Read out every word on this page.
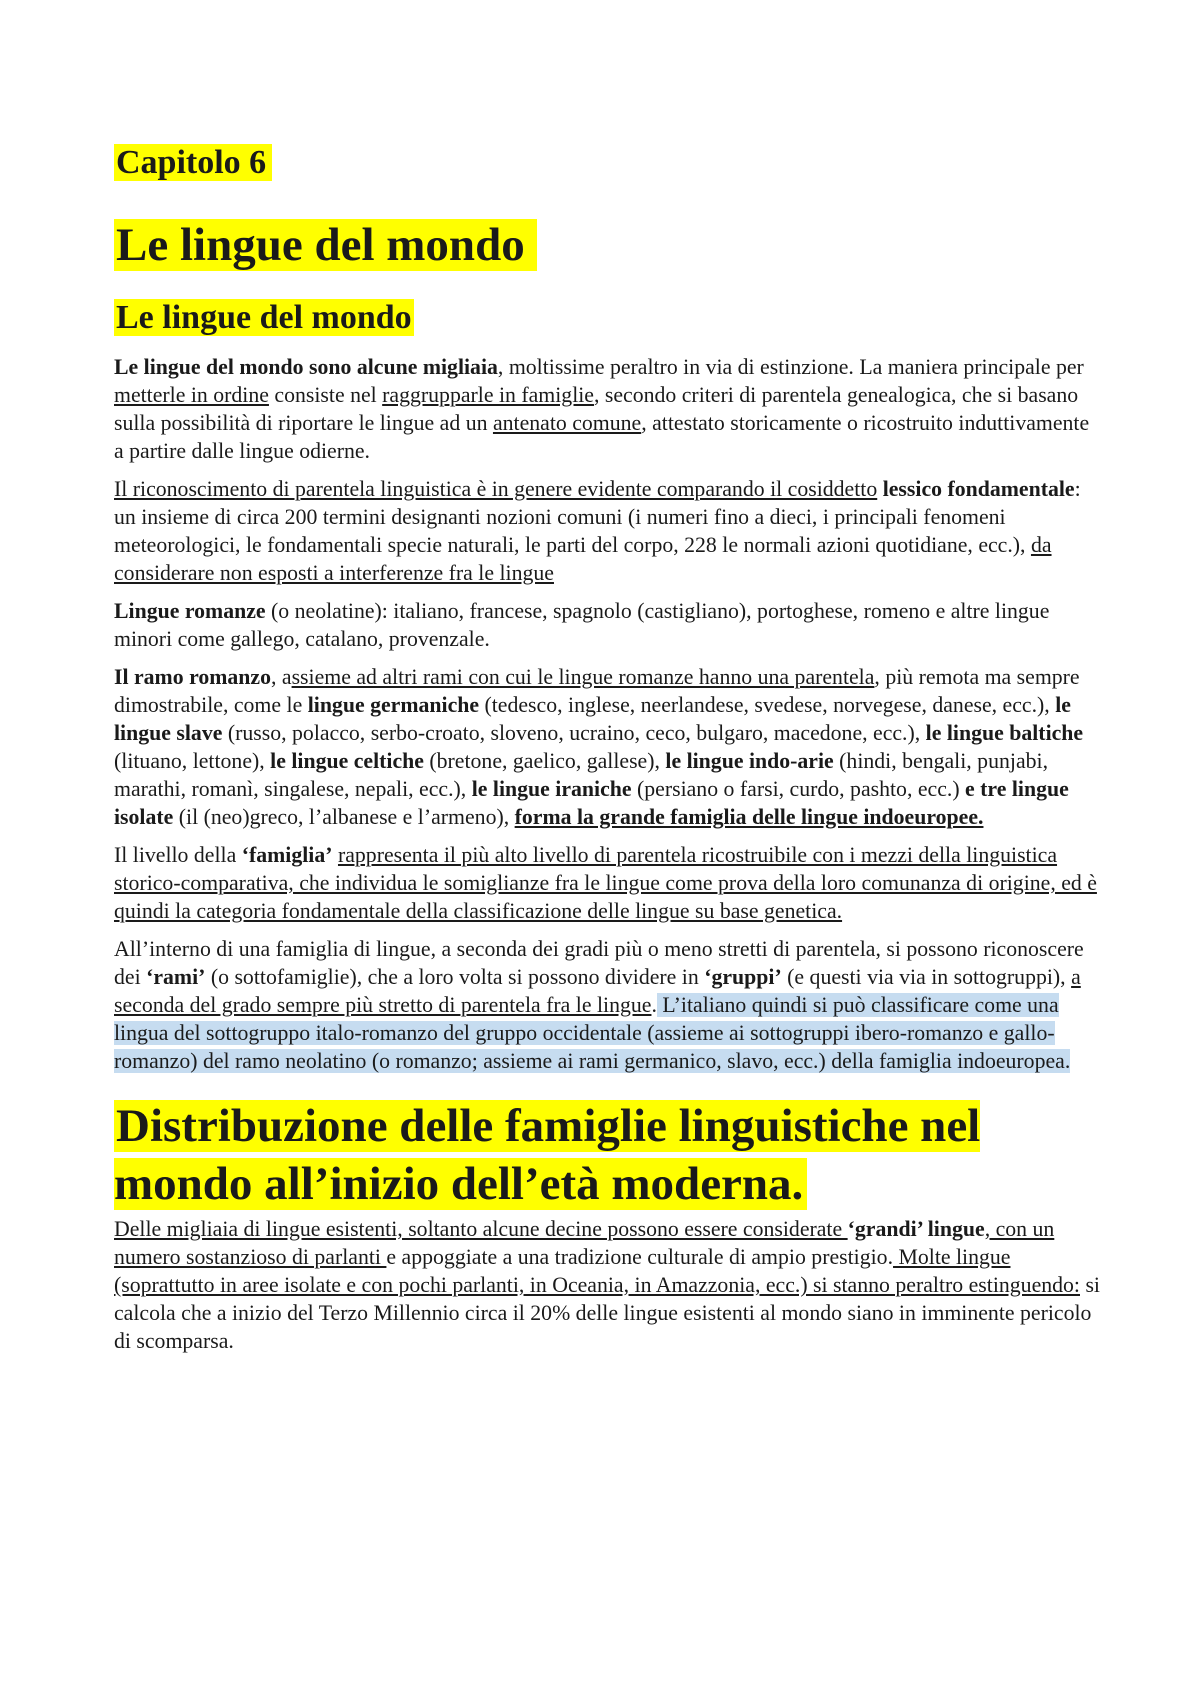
Capitolo 6
Le lingue del mondo
Le lingue del mondo

Le lingue del mondo sono alcune migliaia, moltissime peraltro in via di estinzione. La maniera principale per metterle in ordine consiste nel raggrupparle in famiglie, secondo criteri di parentela genealogica, che si basano sulla possibilità di riportare le lingue ad un antenato comune, attestato storicamente o ricostruito induttivamente a partire dalle lingue odierne.

Il riconoscimento di parentela linguistica è in genere evidente comparando il cosiddetto lessico fondamentale: un insieme di circa 200 termini designanti nozioni comuni (i numeri fino a dieci, i principali fenomeni meteorologici, le fondamentali specie naturali, le parti del corpo, 228 le normali azioni quotidiane, ecc.), da considerare non esposti a interferenze fra le lingue

Lingue romanze (o neolatine): italiano, francese, spagnolo (castigliano), portoghese, romeno e altre lingue minori come gallego, catalano, provenzale.

Il ramo romanzo, assieme ad altri rami con cui le lingue romanze hanno una parentela, più remota ma sempre dimostrabile, come le lingue germaniche (tedesco, inglese, neerlandese, svedese, norvegese, danese, ecc.), le lingue slave (russo, polacco, serbo-croato, sloveno, ucraino, ceco, bulgaro, macedone, ecc.), le lingue baltiche (lituano, lettone), le lingue celtiche (bretone, gaelico, gallese), le lingue indo-arie (hindi, bengali, punjabi, marathi, romanì, singalese, nepali, ecc.), le lingue iraniche (persiano o farsi, curdo, pashto, ecc.) e tre lingue isolate (il (neo)greco, l’albanese e l’armeno), forma la grande famiglia delle lingue indoeuropee.

Il livello della ‘famiglia’ rappresenta il più alto livello di parentela ricostruibile con i mezzi della linguistica storico-comparativa, che individua le somiglianze fra le lingue come prova della loro comunanza di origine, ed è quindi la categoria fondamentale della classificazione delle lingue su base genetica.

All’interno di una famiglia di lingue, a seconda dei gradi più o meno stretti di parentela, si possono riconoscere dei ‘rami’ (o sottofamiglie), che a loro volta si possono dividere in ‘gruppi’ (e questi via via in sottogruppi), a seconda del grado sempre più stretto di parentela fra le lingue. L’italiano quindi si può classificare come una lingua del sottogruppo italo-romanzo del gruppo occidentale (assieme ai sottogruppi ibero-romanzo e gallo-romanzo) del ramo neolatino (o romanzo; assieme ai rami germanico, slavo, ecc.) della famiglia indoeuropea.

Distribuzione delle famiglie linguistiche nel mondo all’inizio dell’età moderna.

Delle migliaia di lingue esistenti, soltanto alcune decine possono essere considerate ‘grandi’ lingue, con un numero sostanzioso di parlanti e appoggiate a una tradizione culturale di ampio prestigio. Molte lingue (soprattutto in aree isolate e con pochi parlanti, in Oceania, in Amazzonia, ecc.) si stanno peraltro estinguendo: si calcola che a inizio del Terzo Millennio circa il 20% delle lingue esistenti al mondo siano in imminente pericolo di scomparsa.
